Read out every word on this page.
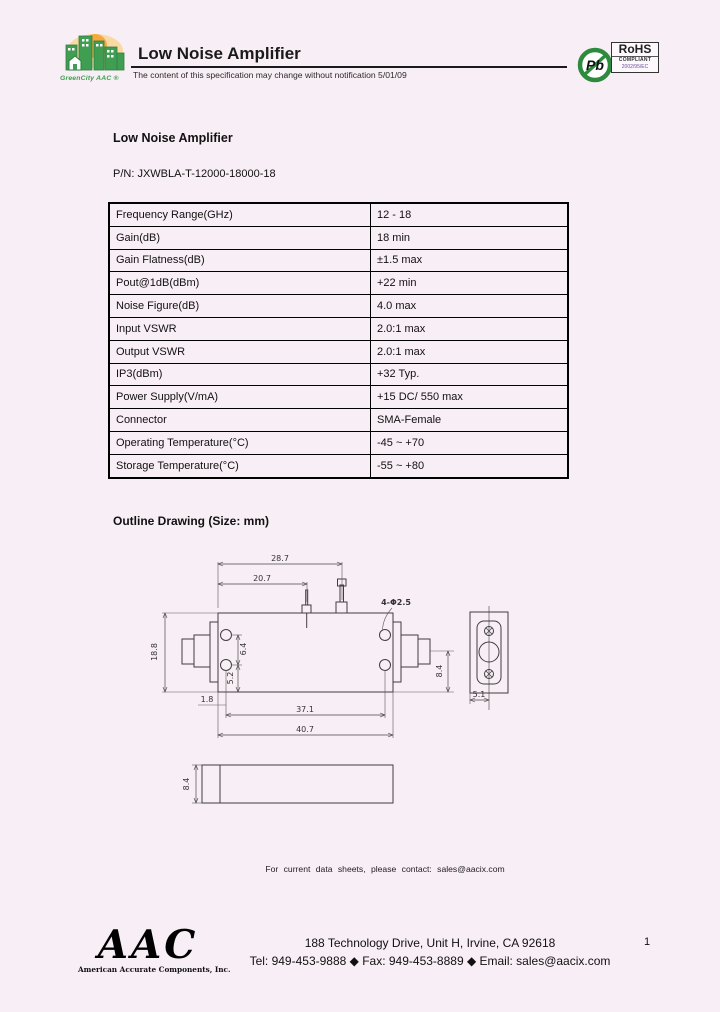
GreenCity AAC ®
Low Noise Amplifier
The content of this specification may change without notification 5/01/09
Pb
RoHS
COMPLIANT
2002/95/EC
Low Noise Amplifier
P/N: JXWBLA-T-12000-18000-18
Frequency Range(GHz)	12 - 18
Gain(dB)	18 min
Gain Flatness(dB)	±1.5 max
Pout@1dB(dBm)	+22 min
Noise Figure(dB)	4.0 max
Input VSWR	2.0:1 max
Output VSWR	2.0:1 max
IP3(dBm)	+32 Typ.
Power Supply(V/mA)	+15 DC/ 550 max
Connector	SMA-Female
Operating Temperature(°C)	-45 ~ +70
Storage Temperature(°C)	-55 ~ +80
Outline Drawing (Size: mm)
28.7
20.7
4-Φ2.5
18.8	6.4
5.2
1.8
37.1
40.7
8.4
5.1
8.4
For current data sheets, please contact: sales@aacix.com
AAC
American Accurate Components, Inc.
188 Technology Drive, Unit H, Irvine, CA 92618
Tel: 949-453-9888 ◆ Fax: 949-453-8889 ◆ Email: sales@aacix.com
1
